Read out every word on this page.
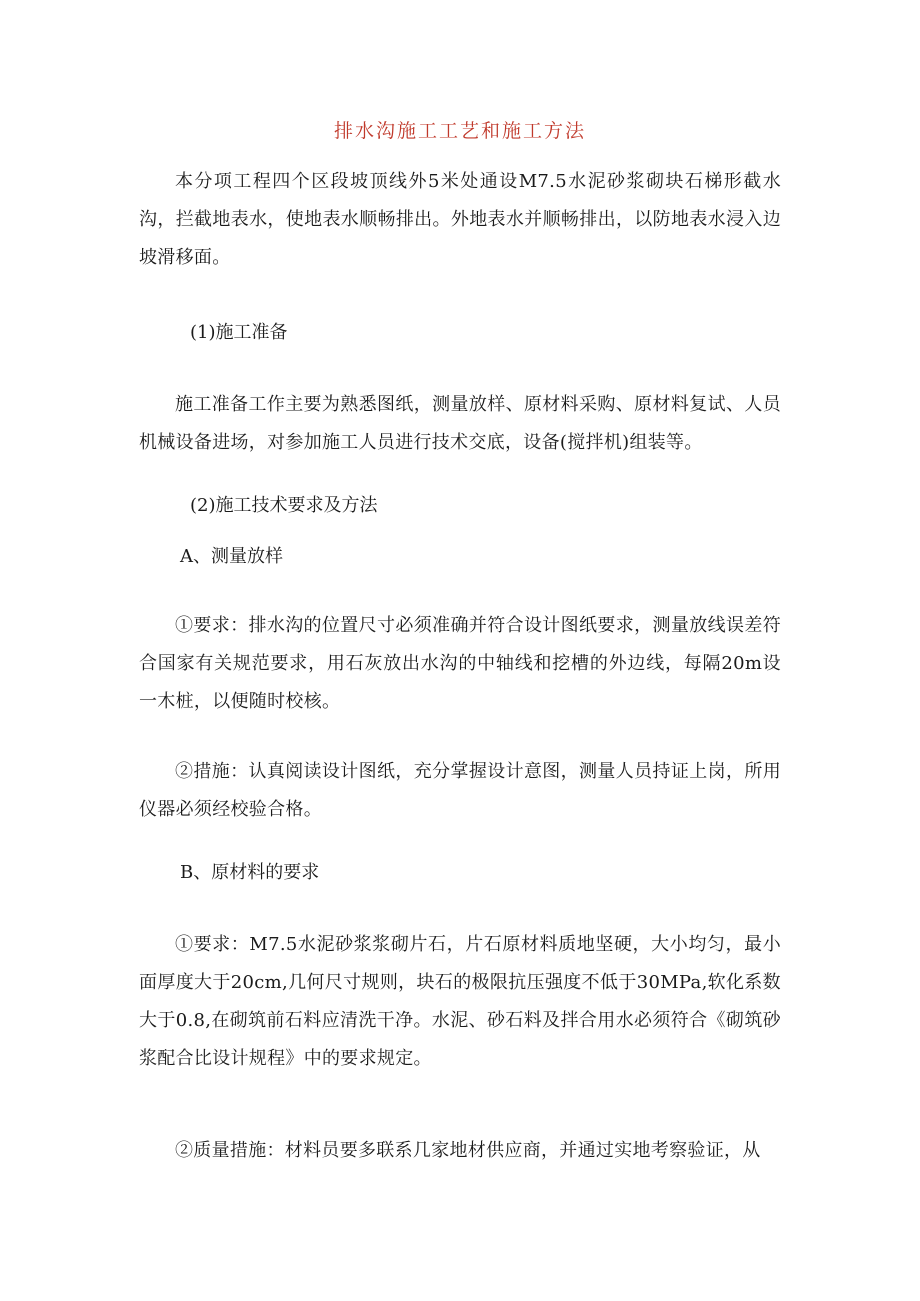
排水沟施工工艺和施工方法

本分项工程四个区段坡顶线外5米处通设M7.5水泥砂浆砌块石梯形截水沟，拦截地表水，使地表水顺畅排出。外地表水并顺畅排出，以防地表水浸入边坡滑移面。

(1)施工准备

施工准备工作主要为熟悉图纸，测量放样、原材料采购、原材料复试、人员机械设备进场，对参加施工人员进行技术交底，设备(搅拌机)组装等。

(2)施工技术要求及方法

A、测量放样

①要求：排水沟的位置尺寸必须准确并符合设计图纸要求，测量放线误差符合国家有关规范要求，用石灰放出水沟的中轴线和挖槽的外边线，每隔20m设一木桩，以便随时校核。

②措施：认真阅读设计图纸，充分掌握设计意图，测量人员持证上岗，所用仪器必须经校验合格。

B、原材料的要求

①要求：M7.5水泥砂浆浆砌片石，片石原材料质地坚硬，大小均匀，最小面厚度大于20cm,几何尺寸规则，块石的极限抗压强度不低于30MPa,软化系数大于0.8,在砌筑前石料应清洗干净。水泥、砂石料及拌合用水必须符合《砌筑砂浆配合比设计规程》中的要求规定。

②质量措施：材料员要多联系几家地材供应商，并通过实地考察验证，从
